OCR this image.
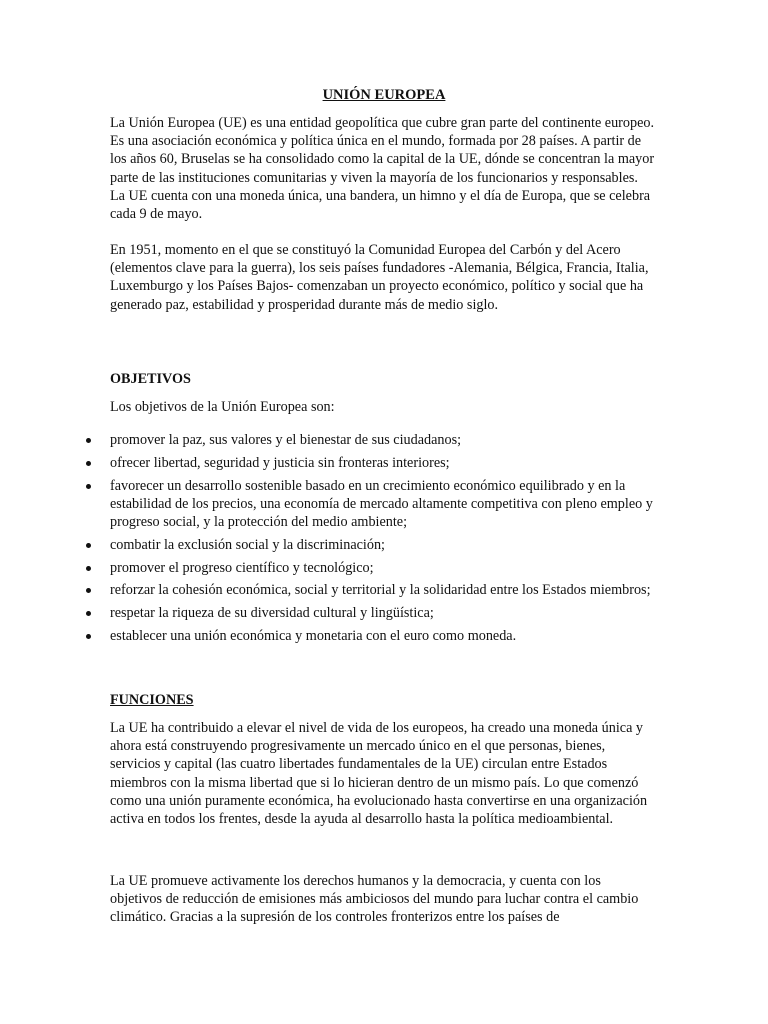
UNIÓN EUROPEA

La Unión Europea (UE) es una entidad geopolítica que cubre gran parte del continente europeo. Es una asociación económica y política única en el mundo, formada por 28 países. A partir de los años 60, Bruselas se ha consolidado como la capital de la UE, dónde se concentran la mayor parte de las instituciones comunitarias y viven la mayoría de los funcionarios y responsables. La UE cuenta con una moneda única, una bandera, un himno y el día de Europa, que se celebra cada 9 de mayo.

En 1951, momento en el que se constituyó la Comunidad Europea del Carbón y del Acero (elementos clave para la guerra), los seis países fundadores -Alemania, Bélgica, Francia, Italia, Luxemburgo y los Países Bajos- comenzaban un proyecto económico, político y social que ha generado paz, estabilidad y prosperidad durante más de medio siglo.

OBJETIVOS

Los objetivos de la Unión Europea son:

promover la paz, sus valores y el bienestar de sus ciudadanos;
ofrecer libertad, seguridad y justicia sin fronteras interiores;
favorecer un desarrollo sostenible basado en un crecimiento económico equilibrado y en la estabilidad de los precios, una economía de mercado altamente competitiva con pleno empleo y progreso social, y la protección del medio ambiente;
combatir la exclusión social y la discriminación;
promover el progreso científico y tecnológico;
reforzar la cohesión económica, social y territorial y la solidaridad entre los Estados miembros;
respetar la riqueza de su diversidad cultural y lingüística;
establecer una unión económica y monetaria con el euro como moneda.
FUNCIONES

La UE ha contribuido a elevar el nivel de vida de los europeos, ha creado una moneda única y ahora está construyendo progresivamente un mercado único en el que personas, bienes, servicios y capital (las cuatro libertades fundamentales de la UE) circulan entre Estados miembros con la misma libertad que si lo hicieran dentro de un mismo país. Lo que comenzó como una unión puramente económica, ha evolucionado hasta convertirse en una organización activa en todos los frentes, desde la ayuda al desarrollo hasta la política medioambiental.

La UE promueve activamente los derechos humanos y la democracia, y cuenta con los objetivos de reducción de emisiones más ambiciosos del mundo para luchar contra el cambio climático. Gracias a la supresión de los controles fronterizos entre los países de
